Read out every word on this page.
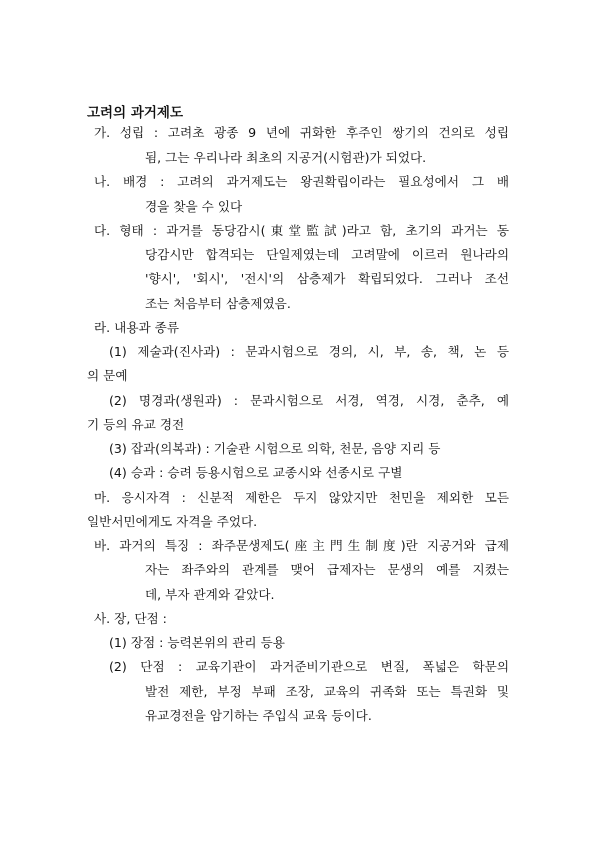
고려의 과거제도
가. 성립 : 고려초 광종 9 년에 귀화한 후주인 쌍기의 건의로 성립
됨, 그는 우리나라 최초의 지공거(시험관)가 되었다.
나. 배경 : 고려의 과거제도는 왕권확립이라는 필요성에서 그 배
경을 찾을 수 있다
다. 형태 : 과거를 동당감시(東堂監試)라고 함, 초기의 과거는 동
당감시만 합격되는 단일제였는데 고려말에 이르러 원나라의
'향시', '회시', '전시'의 삼층제가 확립되었다. 그러나 조선
조는 처음부터 삼층제였음.
라. 내용과 종류
(1) 제술과(진사과) : 문과시험으로 경의, 시, 부, 송, 책, 논 등
의 문예
(2) 명경과(생원과) : 문과시험으로 서경, 역경, 시경, 춘추, 예
기 등의 유교 경전
(3) 잡과(의복과) : 기술관 시험으로 의학, 천문, 음양 지리 등
(4) 승과 : 승려 등용시험으로 교종시와 선종시로 구별
마. 응시자격 : 신분적 제한은 두지 않았지만 천민을 제외한 모든
일반서민에게도 자격을 주었다.
바. 과거의 특징 : 좌주문생제도(座主門生制度)란 지공거와 급제
자는 좌주와의 관계를 맺어 급제자는 문생의 예를 지켰는
데, 부자 관계와 같았다.
사. 장, 단점 :
(1) 장점 : 능력본위의 관리 등용
(2) 단점 : 교육기관이 과거준비기관으로 변질, 폭넓은 학문의
발전 제한, 부정 부패 조장, 교육의 귀족화 또는 특권화 및
유교경전을 암기하는 주입식 교육 등이다.
